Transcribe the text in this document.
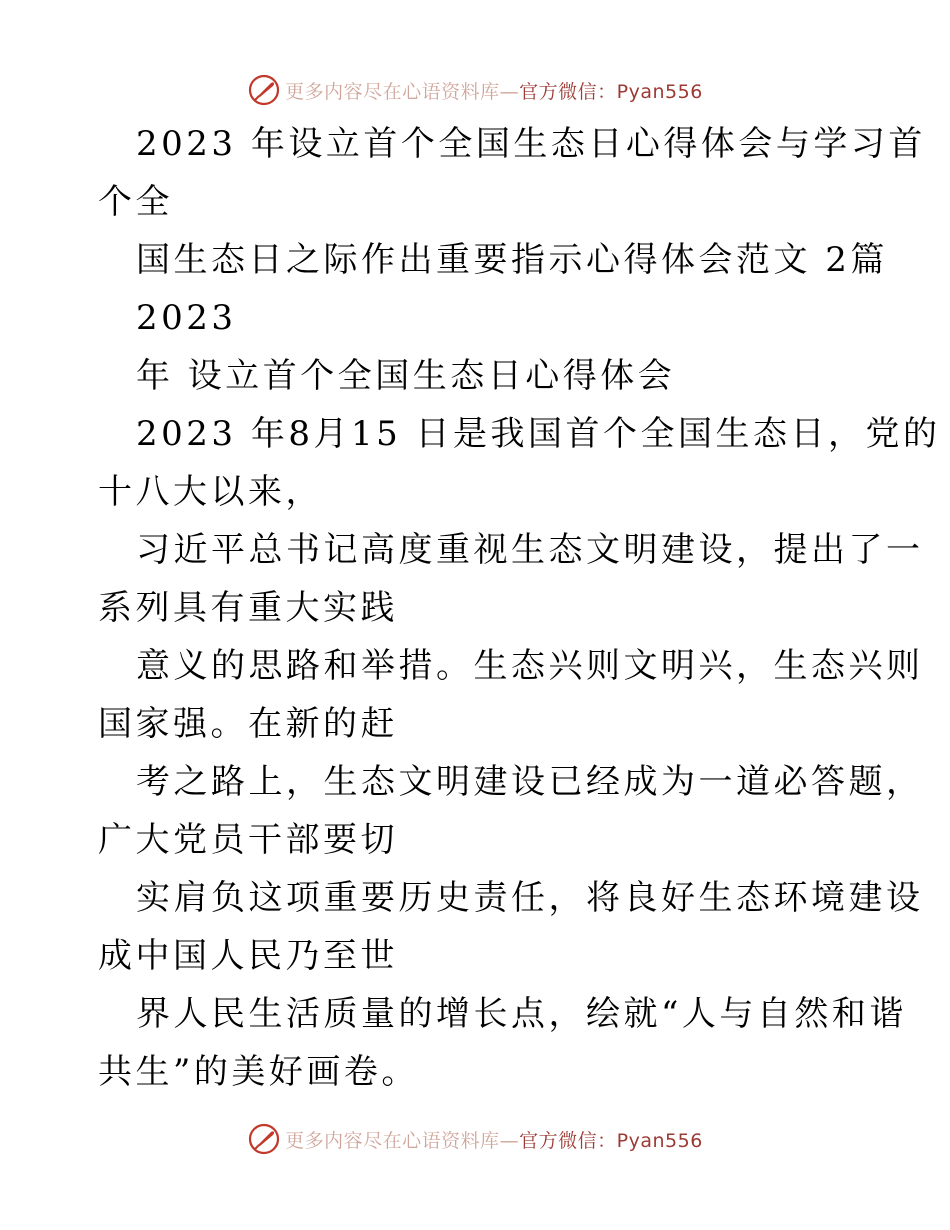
更多内容尽在心语资料库— 官方微信：Pyan556
2023 年设立首个全国生态日心得体会与学习首
个全
国生态日之际作出重要指示心得体会范文 2篇
2023
年 设立首个全国生态日心得体会
2023 年8月15 日是我国首个全国生态日，党的
十八大以来，
习近平总书记高度重视生态文明建设，提出了一
系列具有重大实践
意义的思路和举措。生态兴则文明兴，生态兴则
国家强。在新的赶
考之路上，生态文明建设已经成为一道必答题，
广大党员干部要切
实肩负这项重要历史责任，将良好生态环境建设
成中国人民乃至世
界人民生活质量的增长点，绘就“人与自然和谐
共生”的美好画卷。
更多内容尽在心语资料库— 官方微信：Pyan556
